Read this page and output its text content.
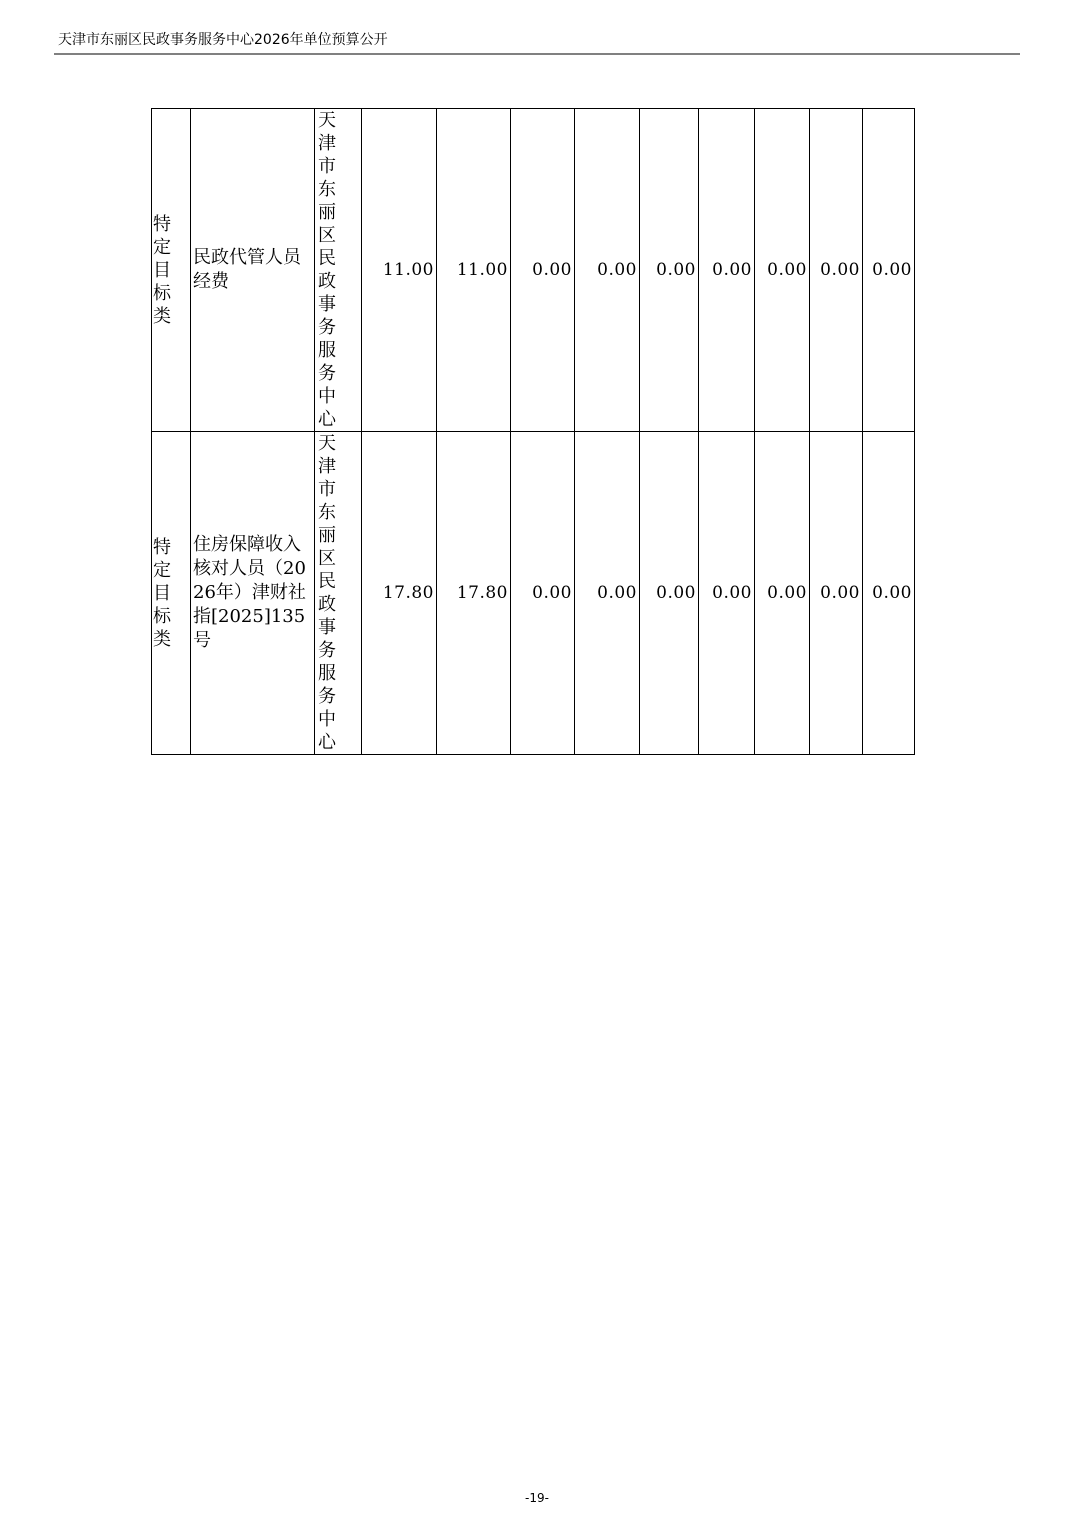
天津市东丽区民政事务服务中心2026年单位预算公开
特定目标类	民政代管人员经费	天津市东丽区民政事务服务中心	11.00	11.00	0.00	0.00	0.00	0.00	0.00	0.00	0.00

特定目标类	住房保障收入核对人员（2026年）津财社指[2025]135号	天津市东丽区民政事务服务中心	17.80	17.80	0.00	0.00	0.00	0.00	0.00	0.00	0.00
-19-
